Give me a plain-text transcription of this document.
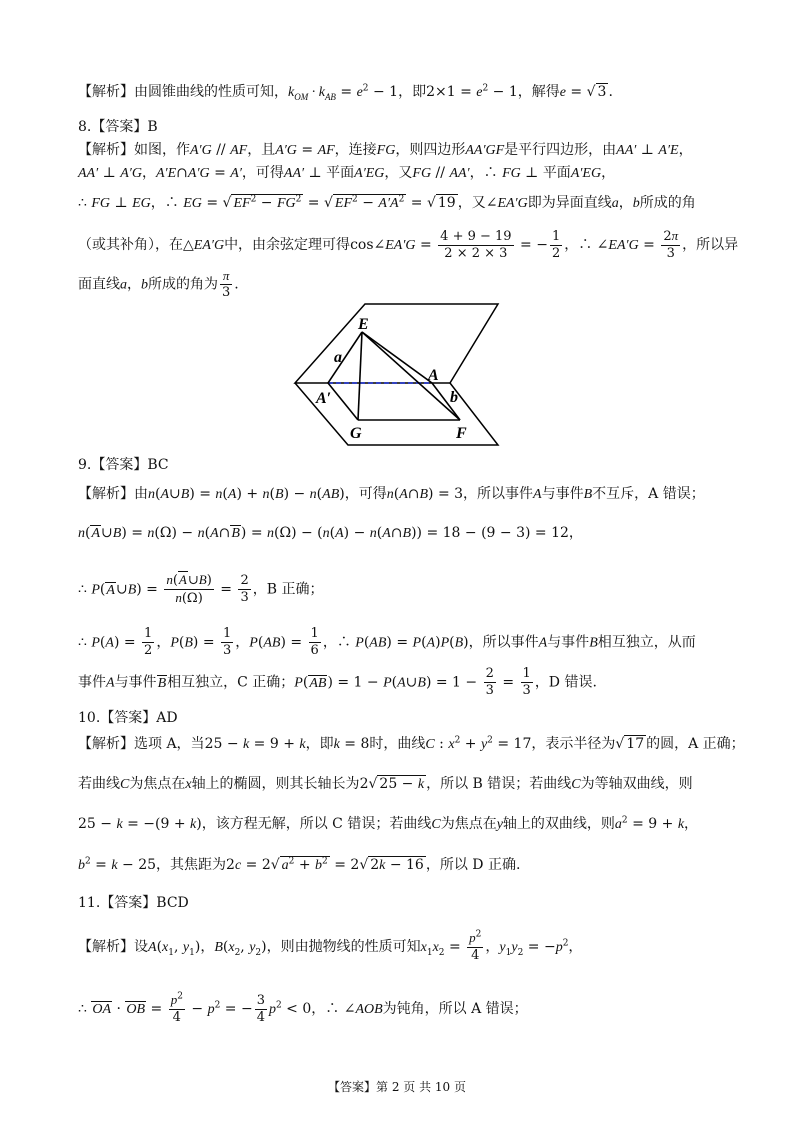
【解析】由圆锥曲线的性质可知，$k_{OM} \cdot k_{AB} = e^2 - 1$，即$2\times 1 = e^2 - 1$，解得e = √ 3 .
8.【答案】B
【解析】如图，作A′G // AF，且A′G = AF，连接FG，则四边形AA′GF是平行四边形，由AA′ ⊥ A′E，
AA′ ⊥ A′G，A′E∩A′G = A′，可得AA′ ⊥ 平面A′EG，又FG // AA′，∴ FG ⊥ 平面A′EG，
∴ FG ⊥ EG，∴ EG = √ $EF^2 - FG^2$ = √ $EF^2 - A'A^2$ = √ 19 ，又∠EA′G即为异面直线a，b所成的角
（或其补角），在△EA′G中，由余弦定理可得cos∠EA′G = $\frac{4 + 9 - 19}{2 \times 2 \times 3}$ = − $\frac{1}{2}$ ，∴ ∠EA′G = $\frac{2\pi}{3}$ ，所以异
面直线a，b所成的角为 $\frac{\pi}{3}$ .
E
a
A
A′	b
G	F
9.【答案】BC
【解析】由n(A∪B) = n(A) + n(B) − n(AB)，可得n(A∩B) = 3，所以事件A与事件B不互斥，A 错误；
n(A∪B) = n(Ω) − n(A∩B) = n(Ω) − (n(A) − n(A∩B)) = 18 − (9 − 3) = 12，
∴ P(A∪B) = $\frac{n(A\cup B)}{n(\Omega)} = \frac{2}{3}$ ，B 正确；
∴ $P(A) = \frac{1}{2}$ ，$P(B) = \frac{1}{3}$ ，$P(AB) = \frac{1}{6}$ ，∴ P(AB) = P(A)P(B)，所以事件A与事件B相互独立，从而
事件A与事件B相互独立，C 正确；P(AB) = 1 − P(A∪B) = $1 - \frac{2}{3} = \frac{1}{3}$ ，D 错误.
10.【答案】AD
【解析】选项 A，当25 − k = 9 + k，即k = 8时，曲线C : $x^2 + y^2 = 17$，表示半径为√ 17 的圆，A 正确；
若曲线C为焦点在x轴上的椭圆，则其长轴长为2√ 25 − k ，所以 B 错误；若曲线C为等轴双曲线，则
25 − k = −(9 + k)，该方程无解，所以 C 错误；若曲线C为焦点在y轴上的双曲线，则$a^2 = 9 + k$，
$b^2 = k - 25$，其焦距为2c = 2√ $a^2 + b^2 = 2√$ 2k − 16 ，所以 D 正确.
11.【答案】BCD
【解析】设$A(x_1$, $y_1$)，$B(x_2$, $y_2$)，则由抛物线的性质可知$x_1x_2 = \frac{p^2}{4}$ ，$y_1y_2 = -p^2$，
∴ OA · OB = $\frac{p^2}{4} - p^2$ = − $\frac{3}{4} p^2 < 0$，∴ ∠AOB为钝角，所以 A 错误；
【答案】第 2 页 共 10 页
